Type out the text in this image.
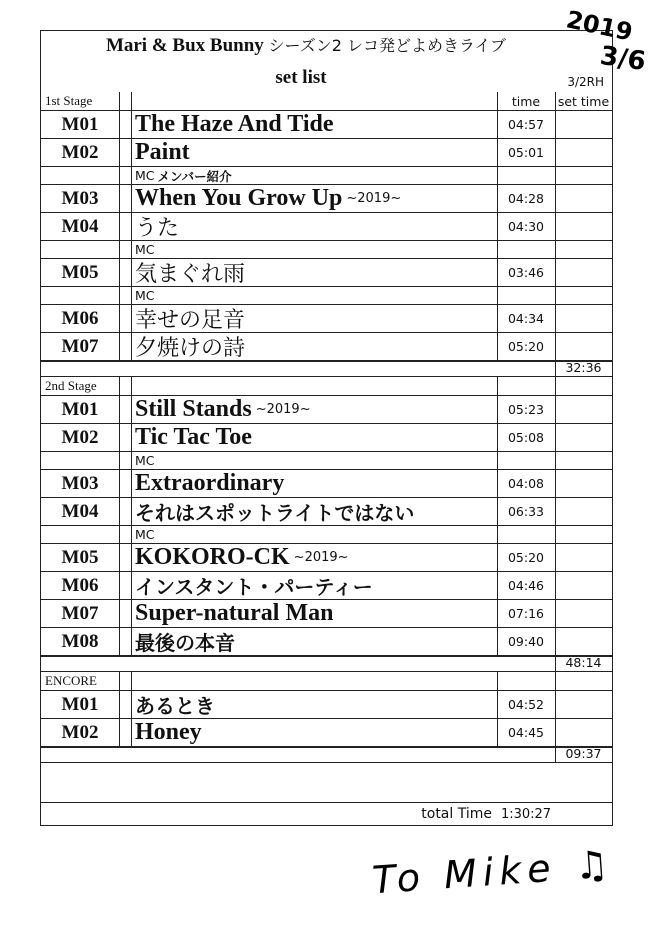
Mari & Bux Bunny シーズン2 レコ発どよめきライブ
set list	3/2RH
1st Stage	time	set time
M01	The Haze And Tide	04:57
M02	Paint	05:01
MC メンバー紹介
M03	When You Grow Up ~2019~	04:28
M04	うた	04:30
MC
M05	気まぐれ雨	03:46
MC
M06	幸せの足音	04:34
M07	夕焼けの詩	05:20
32:36
2nd Stage
M01	Still Stands ~2019~	05:23
M02	Tic Tac Toe	05:08
MC
M03	Extraordinary	04:08
M04	それはスポットライトではない	06:33
MC
M05	KOKORO-CK ~2019~	05:20
M06	インスタント・パーティー	04:46
M07	Super-natural Man	07:16
M08	最後の本音	09:40
48:14
ENCORE
M01	あるとき	04:52
M02	Honey	04:45
09:37
total Time 1:30:27
2019
3/6
To Mike ♫
